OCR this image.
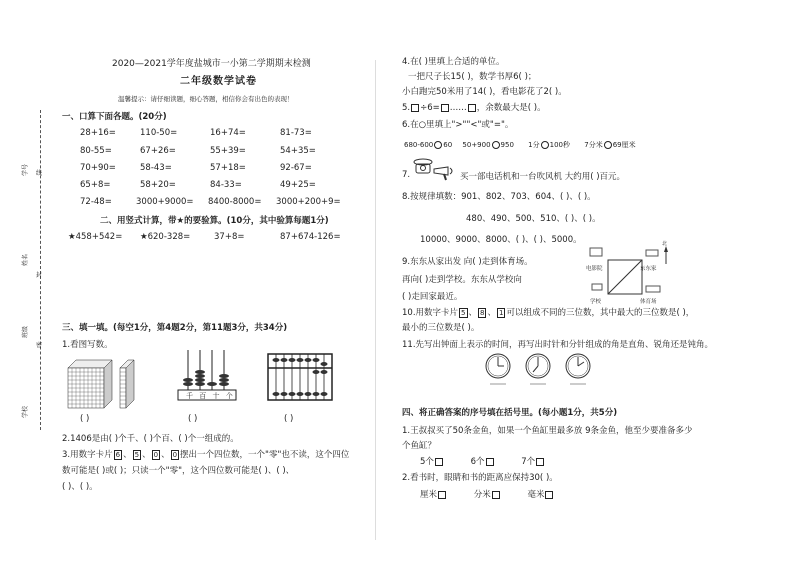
学号
姓名
班级
学校
线
封
密
2020—2021学年度盐城市一小第二学期期末检测
二年级数学试卷
温馨提示：请仔细读题，细心答题，相信你会有出色的表现！
一、口算下面各题。(20分)
28+16=	110-50=	16+74=	81-73=
80-55=	67+26=	55+39=	54+35=
70+90=	58-43=	57+18=	92-67=
65+8=	58+20=	84-33=	49+25=
72-48=	3000+9000= 8400-8000= 3000+200+9=
二、用竖式计算，带★的要验算。(10分，其中验算每题1分)
★458+542= ★620-328=	37+8=	87+674-126=
三、填一填。(每空1分，第4题2分，第11题3分，共34分)
1.看图写数。
千 百 十 个
( )	( )	( )
2.1406是由( )个千、( )个百、( )个一组成的。
3.用数字卡片 6 、 5 、 0 、 0 摆出一个四位数，一个"零"也不读，这个四位
数可能是( )或( )；只读一个"零"，这个四位数可能是( )、( )、
( )、( )。
4.在( )里填上合适的单位。
一把尺子长15( )，数学书厚6( )；
小白跑完50米用了14( )，看电影花了2( )。
5. ÷6= …… ，余数最大是( )。
6.在○里填上">""<"或"="。
680-600 60 50+900 950 1分 100秒 7分米 69厘米
7.	买一部电话机和一台吹风机 大约用( )百元。
8.按规律填数：901、802、703、604、( )、( )。
480、490、500、510、( )、( )。
10000、9000、8000、( )、( )、5000。
9.东东从家出发 向( )走到体育场。
再向( )走到学校。东东从学校向
( )走回家最近。
电影院	东东家
学校	体育场
北
10.用数字卡片 5 、 8 、 1 可以组成不同的三位数，其中最大的三位数是( )，
最小的三位数是( )。
11.先写出钟面上表示的时间，再写出时针和分针组成的角是直角、锐角还是钝角。
四、将正确答案的序号填在括号里。(每小题1分，共5分)
1.王叔叔买了50条金鱼，如果一个鱼缸里最多放 9条金鱼，他至少要准备多少
个鱼缸？
5个	6个	7个
2.看书时，眼睛和书的距离应保持30( )。
厘米	分米	毫米
